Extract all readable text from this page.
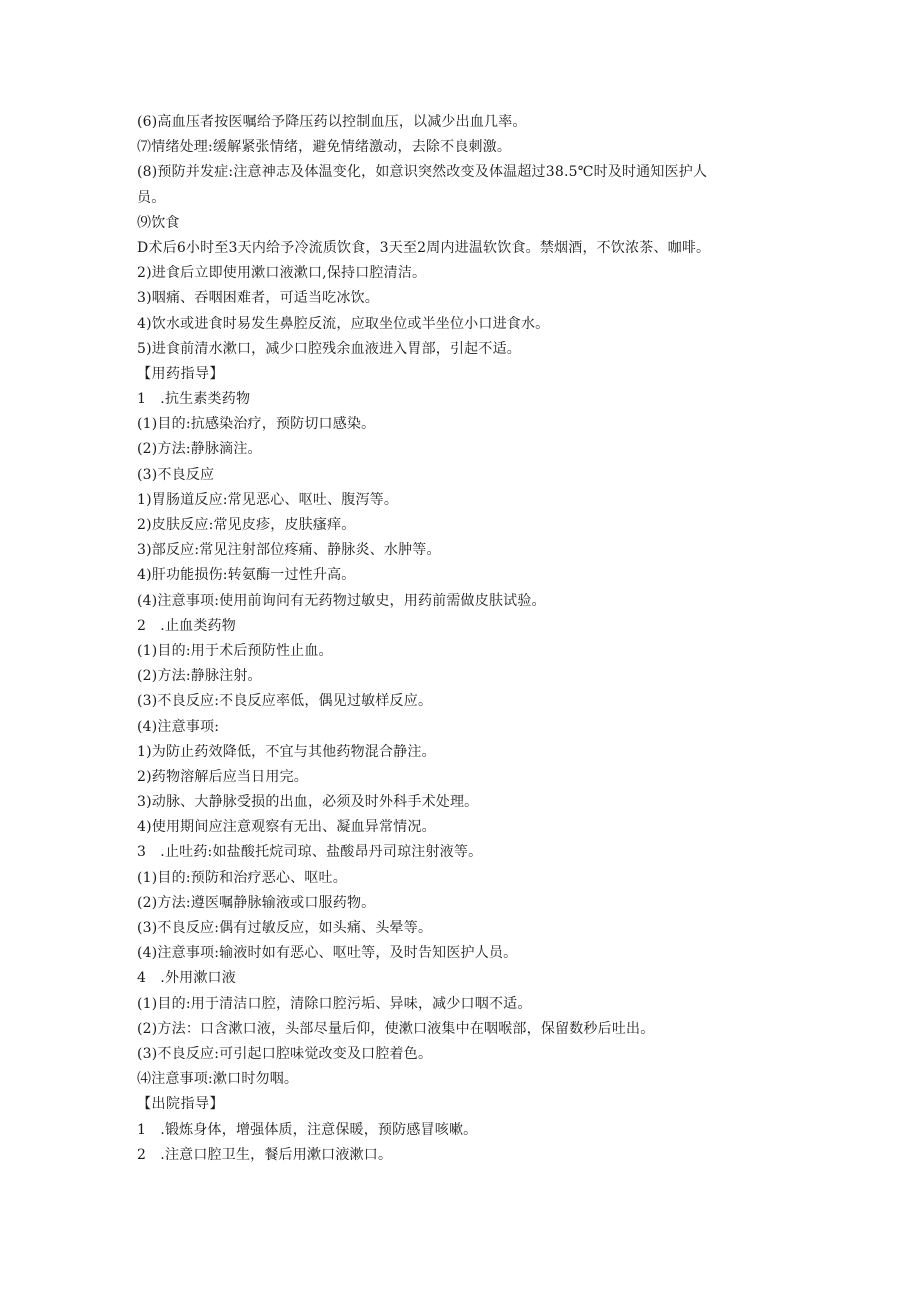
(6)高血压者按医嘱给予降压药以控制血压，以减少出血几率。
⑺情绪处理:缓解紧张情绪，避免情绪激动，去除不良刺激。
(8)预防并发症:注意神志及体温变化，如意识突然改变及体温超过38.5℃时及时通知医护人
员。
⑼饮食
D术后6小时至3天内给予冷流质饮食，3天至2周内进温软饮食。禁烟酒，不饮浓茶、咖啡。
2)进食后立即使用漱口液漱口,保持口腔清洁。
3)咽痛、吞咽困难者，可适当吃冰饮。
4)饮水或进食时易发生鼻腔反流，应取坐位或半坐位小口进食水。
5)进食前清水漱口，减少口腔残余血液进入胃部，引起不适。
【用药指导】
1　.抗生素类药物
(1)目的:抗感染治疗，预防切口感染。
(2)方法:静脉滴注。
(3)不良反应
1)胃肠道反应:常见恶心、呕吐、腹泻等。
2)皮肤反应:常见皮疹，皮肤瘙痒。
3)部反应:常见注射部位疼痛、静脉炎、水肿等。
4)肝功能损伤:转氨酶一过性升高。
(4)注意事项:使用前询问有无药物过敏史，用药前需做皮肤试验。
2　.止血类药物
(1)目的:用于术后预防性止血。
(2)方法:静脉注射。
(3)不良反应:不良反应率低，偶见过敏样反应。
(4)注意事项:
1)为防止药效降低，不宜与其他药物混合静注。
2)药物溶解后应当日用完。
3)动脉、大静脉受损的出血，必须及时外科手术处理。
4)使用期间应注意观察有无出、凝血异常情况。
3　.止吐药:如盐酸托烷司琼、盐酸昂丹司琼注射液等。
(1)目的:预防和治疗恶心、呕吐。
(2)方法:遵医嘱静脉输液或口服药物。
(3)不良反应:偶有过敏反应，如头痛、头晕等。
(4)注意事项:输液时如有恶心、呕吐等，及时告知医护人员。
4　.外用漱口液
(1)目的:用于清洁口腔，清除口腔污垢、异味，减少口咽不适。
(2)方法：口含漱口液，头部尽量后仰，使漱口液集中在咽喉部，保留数秒后吐出。
(3)不良反应:可引起口腔味觉改变及口腔着色。
⑷注意事项:漱口时勿咽。
【出院指导】
1　.锻炼身体，增强体质，注意保暖，预防感冒咳嗽。
2　.注意口腔卫生，餐后用漱口液漱口。
